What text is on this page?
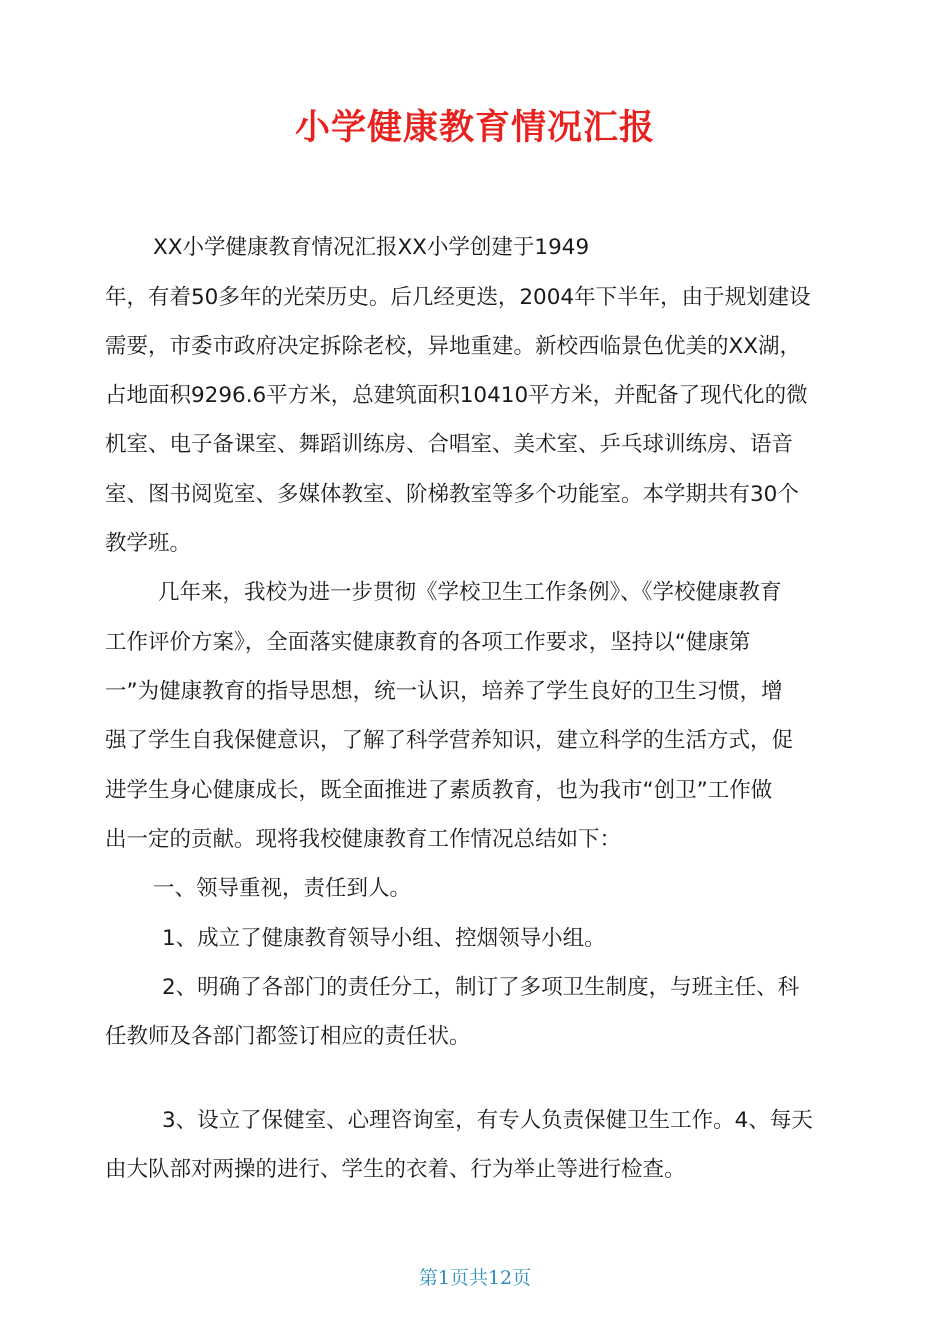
小学健康教育情况汇报

XX小学健康教育情况汇报XX小学创建于1949

年，有着50多年的光荣历史。后几经更迭，2004年下半年，由于规划建设

需要，市委市政府决定拆除老校，异地重建。新校西临景色优美的XX湖，

占地面积9296.6平方米，总建筑面积10410平方米，并配备了现代化的微

机室、电子备课室、舞蹈训练房、合唱室、美术室、乒乓球训练房、语音

室、图书阅览室、多媒体教室、阶梯教室等多个功能室。本学期共有30个

教学班。

几年来，我校为进一步贯彻《学校卫生工作条例》、《学校健康教育

工作评价方案》，全面落实健康教育的各项工作要求，坚持以“健康第

一”为健康教育的指导思想，统一认识，培养了学生良好的卫生习惯，增

强了学生自我保健意识，了解了科学营养知识，建立科学的生活方式，促

进学生身心健康成长，既全面推进了素质教育，也为我市“创卫”工作做

出一定的贡献。现将我校健康教育工作情况总结如下：

一、领导重视，责任到人。

1、成立了健康教育领导小组、控烟领导小组。

2、明确了各部门的责任分工，制订了多项卫生制度，与班主任、科

任教师及各部门都签订相应的责任状。

3、设立了保健室、心理咨询室，有专人负责保健卫生工作。4、每天

由大队部对两操的进行、学生的衣着、行为举止等进行检查。

第1页共12页
